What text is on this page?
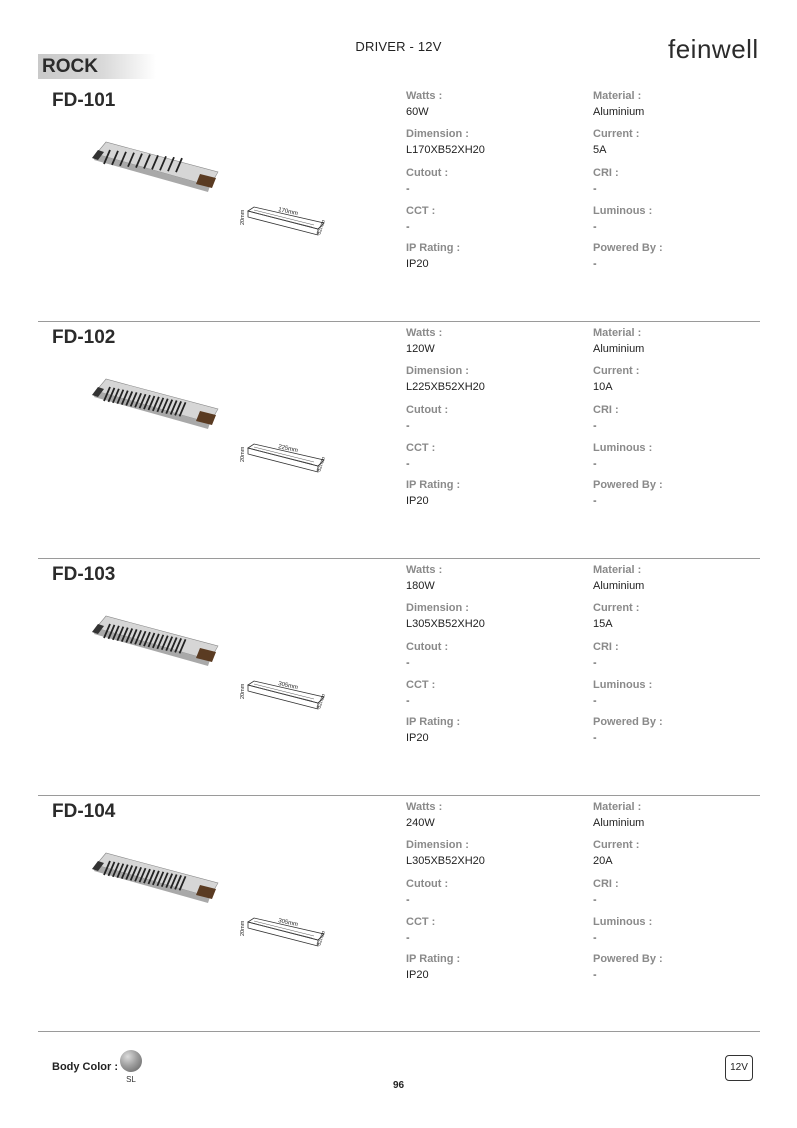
DRIVER - 12V	feinwell
ROCK
FD-101
170mm
20mm
52mm
Watts :
60W
Material :
Aluminium
Dimension :
L170XB52XH20
Current :
5A
Cutout :
-
CRI :
-
CCT :
-
Luminous :
-
IP Rating :
IP20
Powered By :
-
FD-102
225mm
20mm
52mm
Watts :
120W
Material :
Aluminium
Dimension :
L225XB52XH20
Current :
10A
Cutout :
-
CRI :
-
CCT :
-
Luminous :
-
IP Rating :
IP20
Powered By :
-
FD-103
305mm
20mm
52mm
Watts :
180W
Material :
Aluminium
Dimension :
L305XB52XH20
Current :
15A
Cutout :
-
CRI :
-
CCT :
-
Luminous :
-
IP Rating :
IP20
Powered By :
-
FD-104
305mm
20mm
52mm
Watts :
240W
Material :
Aluminium
Dimension :
L305XB52XH20
Current :
20A
Cutout :
-
CRI :
-
CCT :
-
Luminous :
-
IP Rating :
IP20
Powered By :
-
Body Color :
SL
96
12V
